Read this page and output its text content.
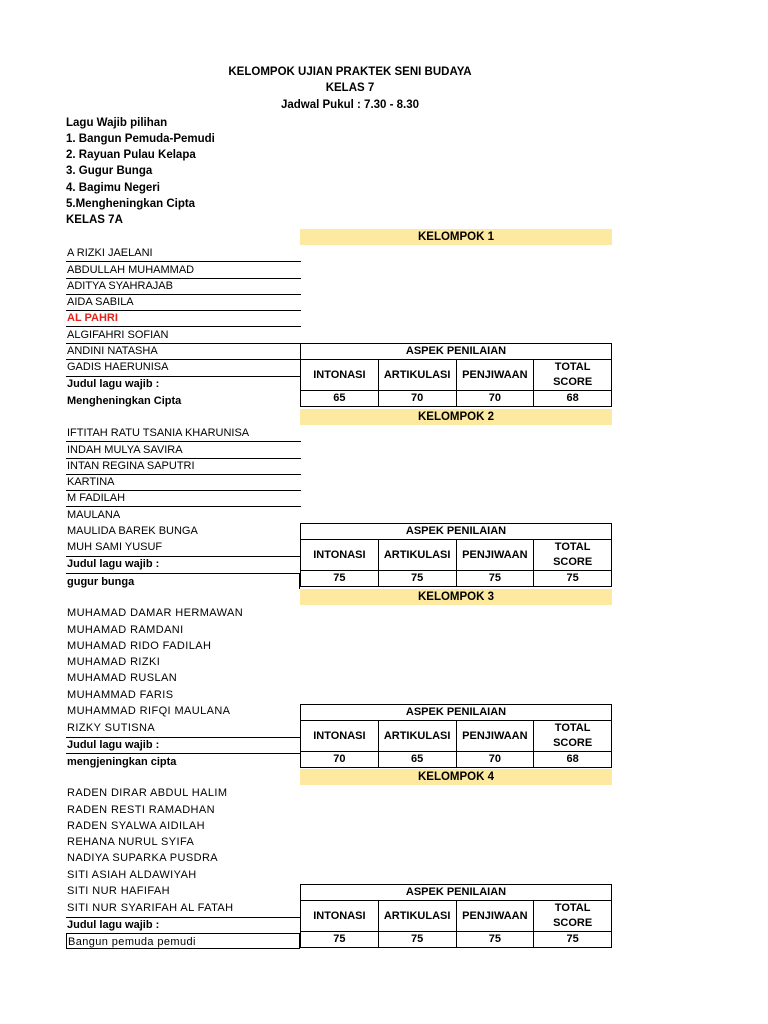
KELOMPOK UJIAN PRAKTEK SENI BUDAYA
KELAS 7
Jadwal Pukul : 7.30 - 8.30
Lagu Wajib pilihan
1. Bangun Pemuda-Pemudi
2. Rayuan Pulau Kelapa
3. Gugur Bunga
4. Bagimu Negeri
5.Mengheningkan Cipta
KELAS 7A
KELOMPOK 1
A RIZKI JAELANI
ABDULLAH MUHAMMAD
ADITYA SYAHRAJAB
AIDA SABILA
AL PAHRI
ALGIFAHRI SOFIAN
ANDINI NATASHA
GADIS HAERUNISA
ASPEK PENILAIAN			
INTONASI	ARTIKULASI	PENJIWAAN	TOTAL SCORE
65	70	70	68
Judul lagu wajib :
Mengheningkan Cipta
KELOMPOK 2
IFTITAH RATU TSANIA KHARUNISA
INDAH MULYA SAVIRA
INTAN REGINA SAPUTRI
KARTINA
M FADILAH
MAULANA
MAULIDA BAREK BUNGA
MUH SAMI YUSUF
ASPEK PENILAIAN			
INTONASI	ARTIKULASI	PENJIWAAN	TOTAL SCORE
75	75	75	75
Judul lagu wajib :
gugur bunga
KELOMPOK 3
MUHAMAD DAMAR HERMAWAN
MUHAMAD RAMDANI
MUHAMAD RIDO FADILAH
MUHAMAD RIZKI
MUHAMAD RUSLAN
MUHAMMAD FARIS
MUHAMMAD RIFQI MAULANA
RIZKY SUTISNA
ASPEK PENILAIAN			
INTONASI	ARTIKULASI	PENJIWAAN	TOTAL SCORE
70	65	70	68
Judul lagu wajib :
mengjeningkan cipta
KELOMPOK 4
RADEN DIRAR ABDUL HALIM
RADEN RESTI RAMADHAN
RADEN SYALWA AIDILAH
REHANA NURUL SYIFA
NADIYA SUPARKA PUSDRA
SITI ASIAH ALDAWIYAH
SITI NUR HAFIFAH
SITI NUR SYARIFAH AL FATAH
ASPEK PENILAIAN			
INTONASI	ARTIKULASI	PENJIWAAN	TOTAL SCORE
75	75	75	75
Judul lagu wajib :
Bangun pemuda pemudi
